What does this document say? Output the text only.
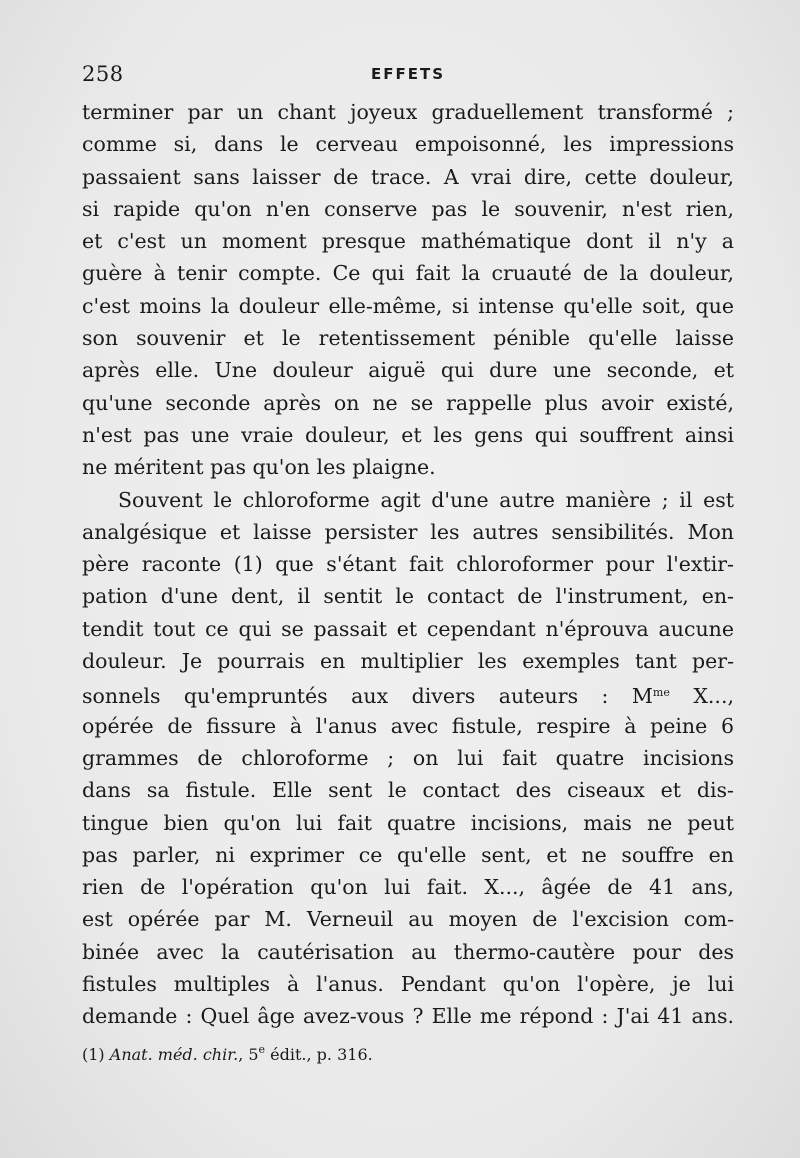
258	EFFETS
terminer par un chant joyeux graduellement transformé ;
comme si, dans le cerveau empoisonné, les impressions
passaient sans laisser de trace. A vrai dire, cette douleur,
si rapide qu'on n'en conserve pas le souvenir, n'est rien,
et c'est un moment presque mathématique dont il n'y a
guère à tenir compte. Ce qui fait la cruauté de la douleur,
c'est moins la douleur elle-même, si intense qu'elle soit, que
son souvenir et le retentissement pénible qu'elle laisse
après elle. Une douleur aiguë qui dure une seconde, et
qu'une seconde après on ne se rappelle plus avoir existé,
n'est pas une vraie douleur, et les gens qui souffrent ainsi
ne méritent pas qu'on les plaigne.
Souvent le chloroforme agit d'une autre manière ; il est
analgésique et laisse persister les autres sensibilités. Mon
père raconte (1) que s'étant fait chloroformer pour l'extir-
pation d'une dent, il sentit le contact de l'instrument, en-
tendit tout ce qui se passait et cependant n'éprouva aucune
douleur. Je pourrais en multiplier les exemples tant per-
sonnels qu'empruntés aux divers auteurs : $M^{me}$ X...,
opérée de fissure à l'anus avec fistule, respire à peine 6
grammes de chloroforme ; on lui fait quatre incisions
dans sa fistule. Elle sent le contact des ciseaux et dis-
tingue bien qu'on lui fait quatre incisions, mais ne peut
pas parler, ni exprimer ce qu'elle sent, et ne souffre en
rien de l'opération qu'on lui fait. X..., âgée de 41 ans,
est opérée par M. Verneuil au moyen de l'excision com-
binée avec la cautérisation au thermo-cautère pour des
fistules multiples à l'anus. Pendant qu'on l'opère, je lui
demande : Quel âge avez-vous ? Elle me répond : J'ai 41 ans.
(1) Anat. méd. chir., 5e édit., p. 316.
